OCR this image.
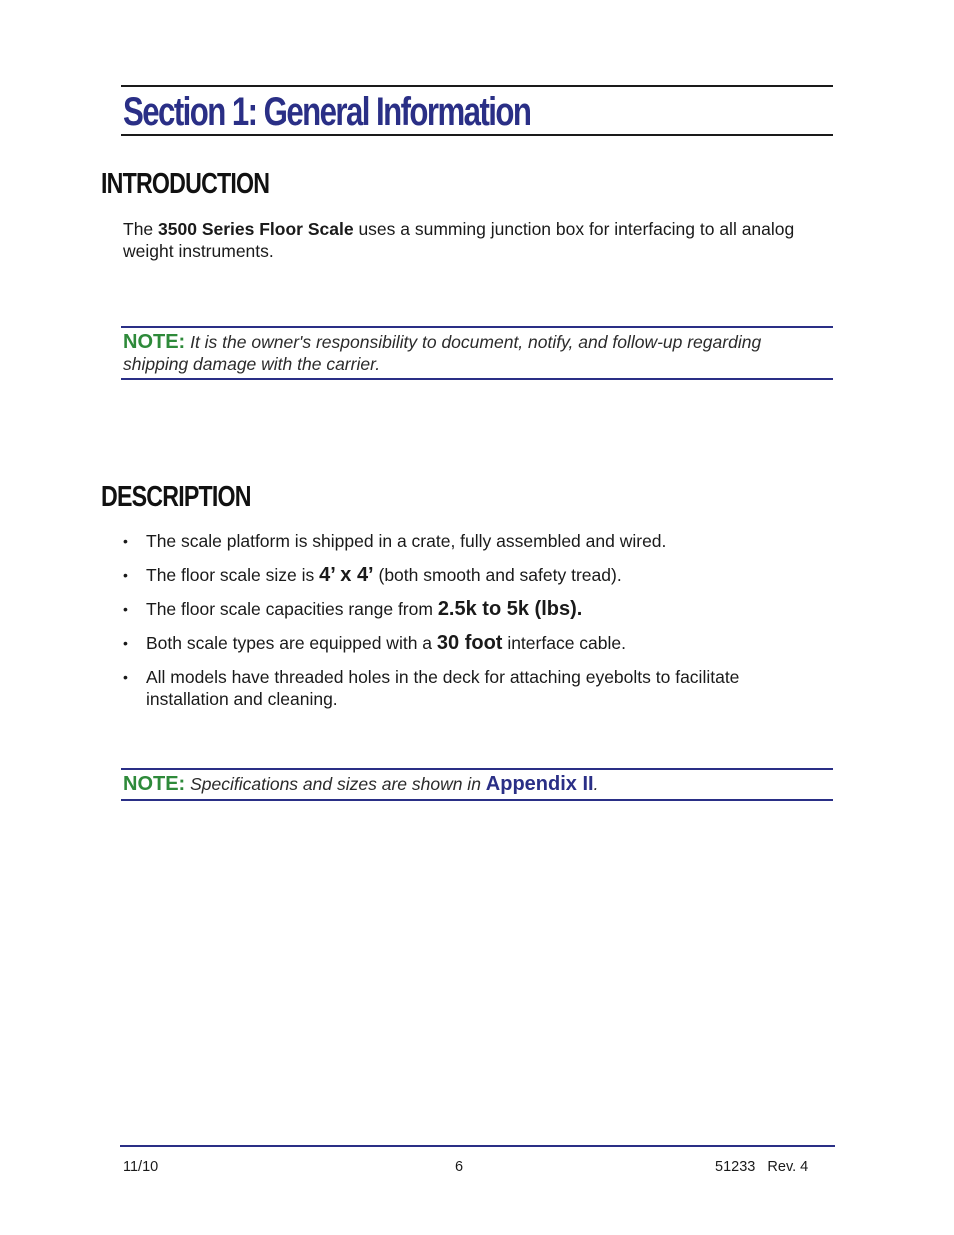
Section 1: General Information
INTRODUCTION

The 3500 Series Floor Scale uses a summing junction box for interfacing to all analog weight instruments.

NOTE: It is the owner's responsibility to document, notify, and follow-up regarding shipping damage with the carrier.
DESCRIPTION
• The scale platform is shipped in a crate, fully assembled and wired.
• The floor scale size is 4’ x 4’ (both smooth and safety tread).
• The floor scale capacities range from 2.5k to 5k (lbs).
• Both scale types are equipped with a 30 foot interface cable.
• All models have threaded holes in the deck for attaching eyebolts to facilitate installation and cleaning.
NOTE: Specifications and sizes are shown in Appendix II.
11/10	6	51233   Rev. 4
